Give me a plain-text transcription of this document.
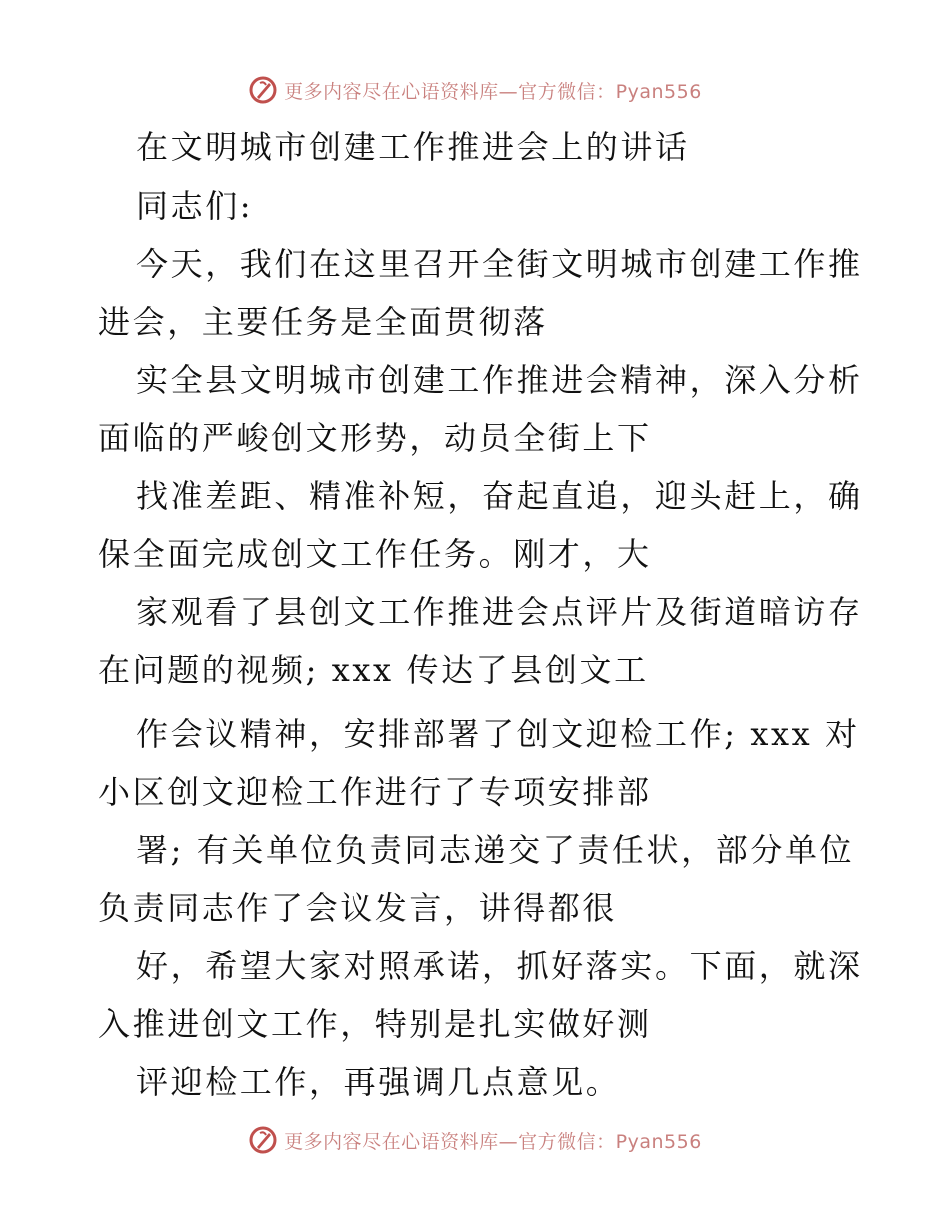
更多内容尽在心语资料库—官方微信：Pyan556
在文明城市创建工作推进会上的讲话
同志们:
今天，我们在这里召开全街文明城市创建工作推
进会，主要任务是全面贯彻落
实全县文明城市创建工作推进会精神，深入分析
面临的严峻创文形势，动员全街上下
找准差距、精准补短，奋起直追，迎头赶上，确
保全面完成创文工作任务。刚才，大
家观看了县创文工作推进会点评片及街道暗访存
在问题的视频; xxx 传达了县创文工
作会议精神，安排部署了创文迎检工作; xxx 对
小区创文迎检工作进行了专项安排部
署; 有关单位负责同志递交了责任状，部分单位
负责同志作了会议发言，讲得都很
好，希望大家对照承诺，抓好落实。下面，就深
入推进创文工作，特别是扎实做好测
评迎检工作，再强调几点意见。
更多内容尽在心语资料库—官方微信：Pyan556
